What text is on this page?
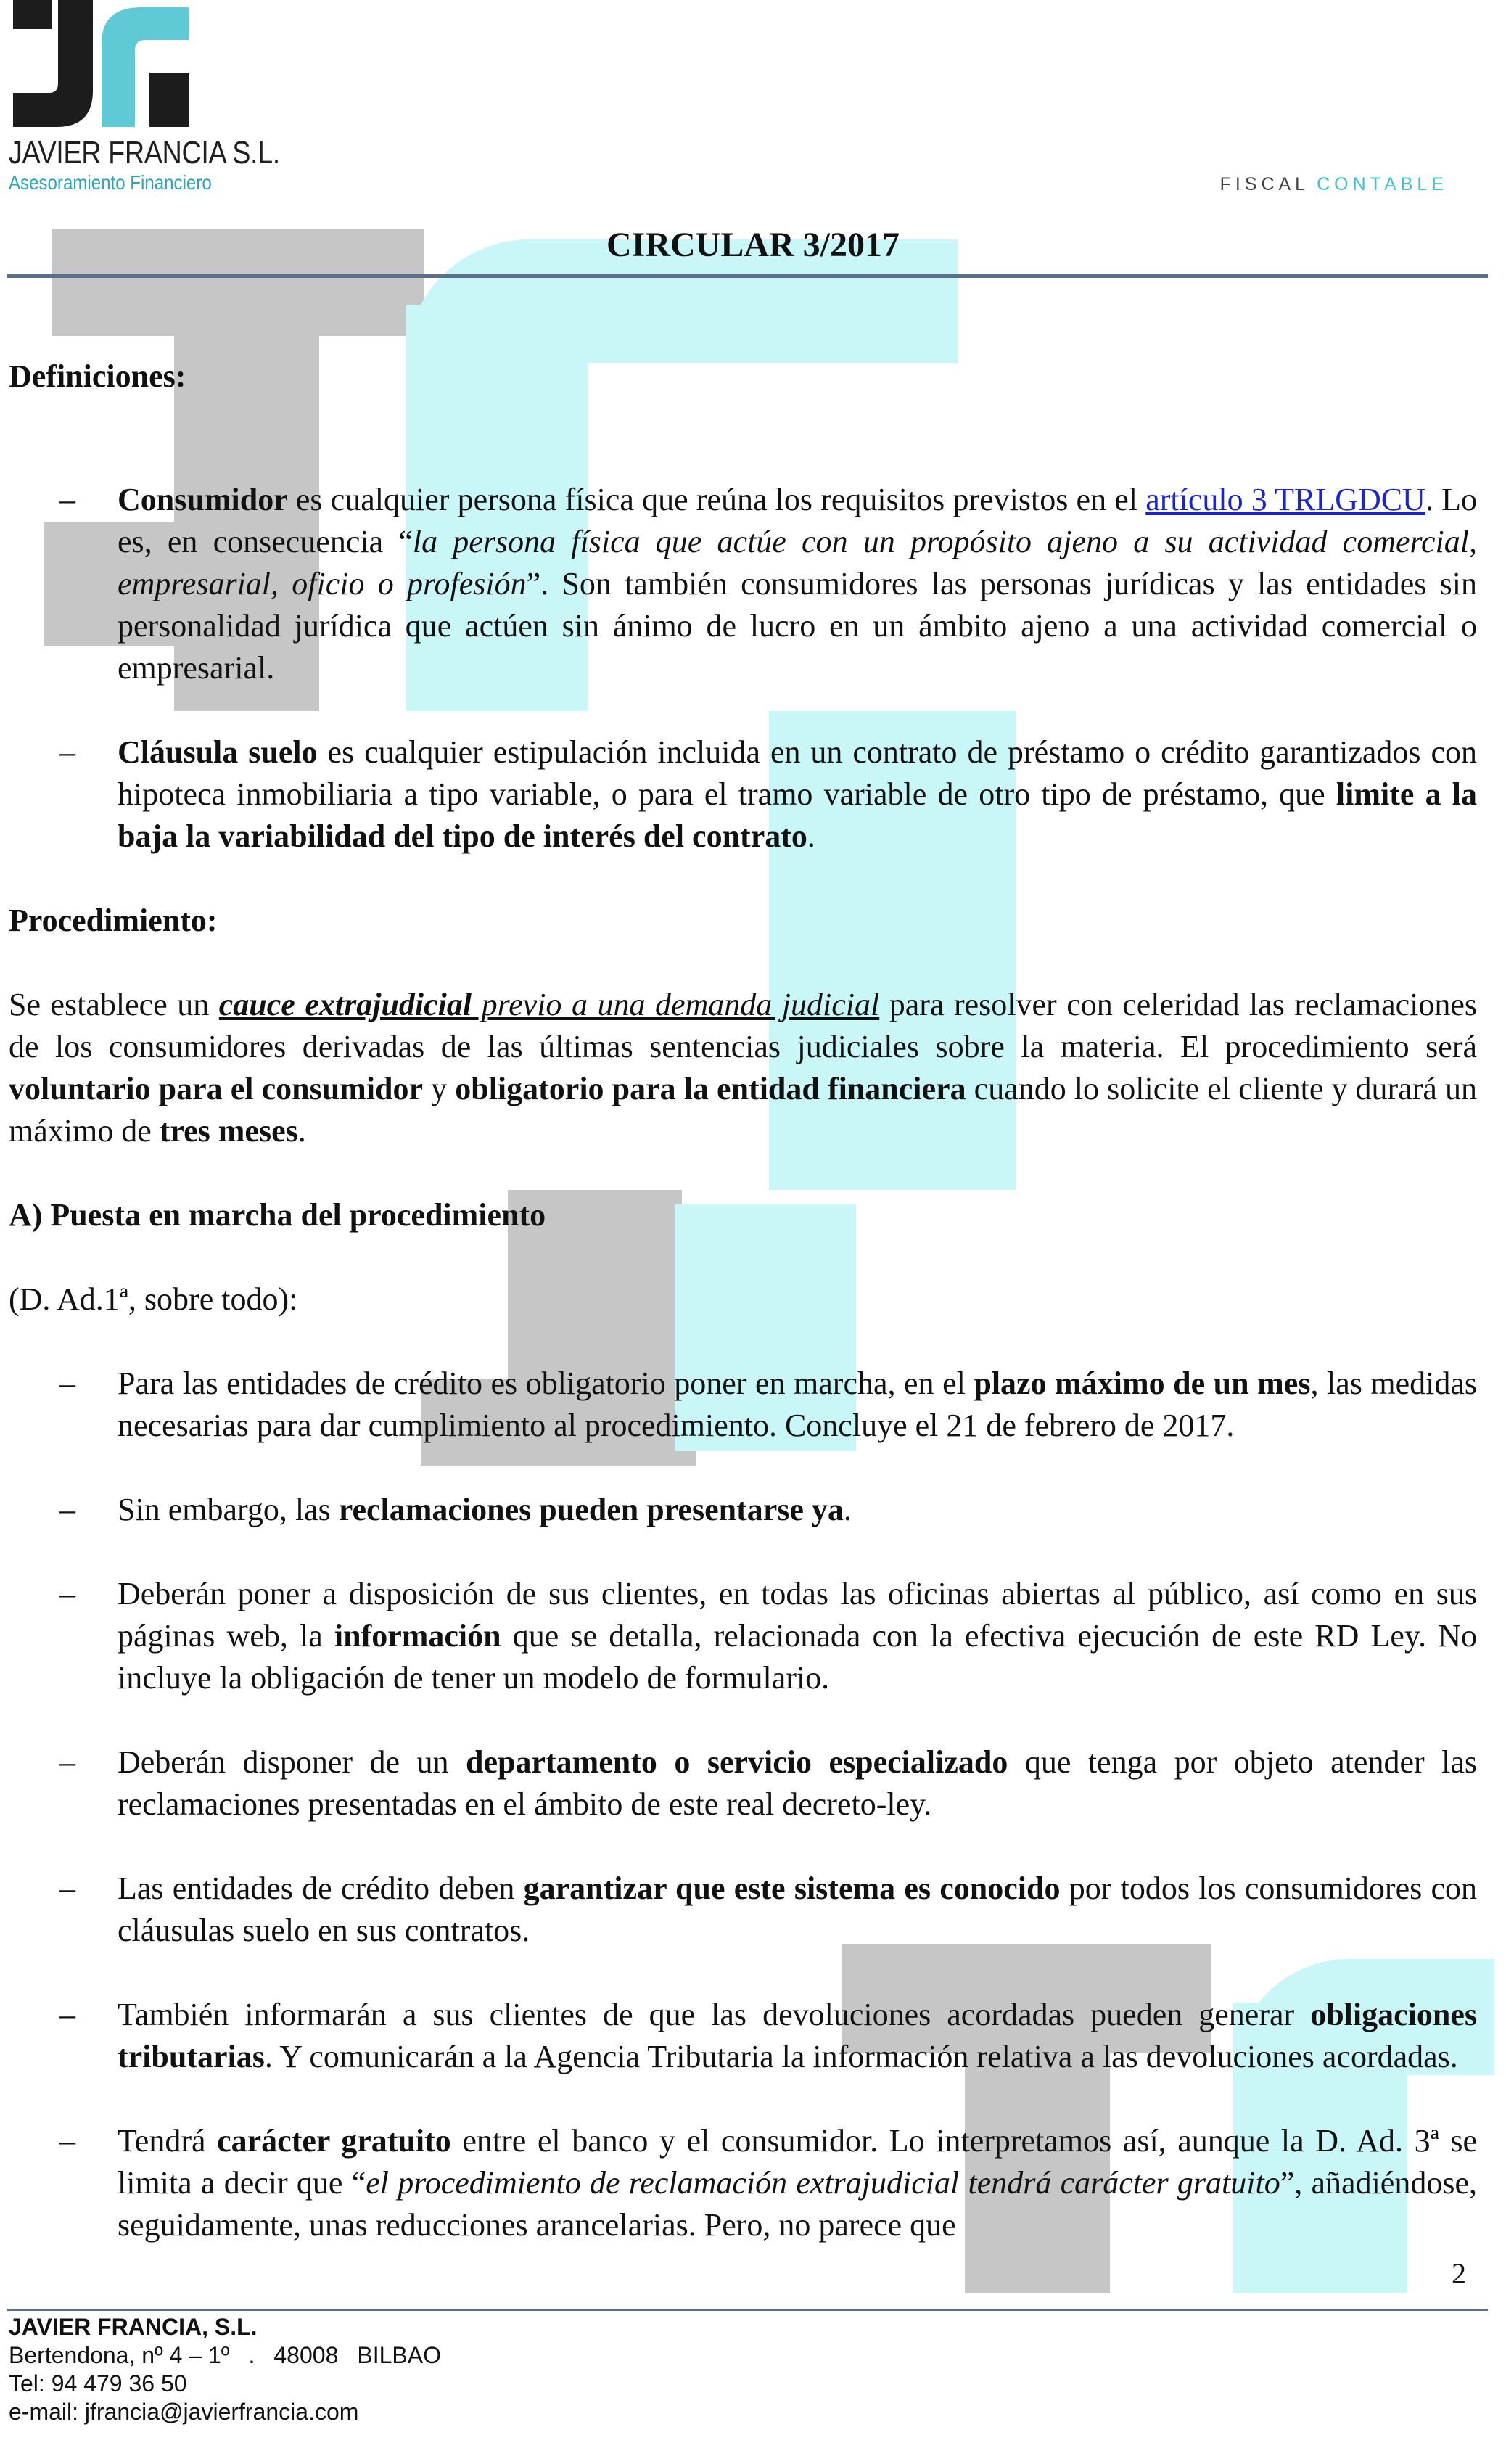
JAVIER FRANCIA S.L.
Asesoramiento Financiero	FISCAL CONTABLE
CIRCULAR 3/2017

Definiciones:

– Consumidor es cualquier persona física que reúna los requisitos previstos en el artículo 3 TRLGDCU. Lo es, en consecuencia “la persona física que actúe con un propósito ajeno a su actividad comercial, empresarial, oficio o profesión”. Son también consumidores las personas jurídicas y las entidades sin personalidad jurídica que actúen sin ánimo de lucro en un ámbito ajeno a una actividad comercial o empresarial.

– Cláusula suelo es cualquier estipulación incluida en un contrato de préstamo o crédito garantizados con hipoteca inmobiliaria a tipo variable, o para el tramo variable de otro tipo de préstamo, que limite a la baja la variabilidad del tipo de interés del contrato.

Procedimiento:

Se establece un cauce extrajudicial previo a una demanda judicial para resolver con celeridad las reclamaciones de los consumidores derivadas de las últimas sentencias judiciales sobre la materia. El procedimiento será voluntario para el consumidor y obligatorio para la entidad financiera cuando lo solicite el cliente y durará un máximo de tres meses.

A) Puesta en marcha del procedimiento

(D. Ad.1ª, sobre todo):

– Para las entidades de crédito es obligatorio poner en marcha, en el plazo máximo de un mes, las medidas necesarias para dar cumplimiento al procedimiento. Concluye el 21 de febrero de 2017.

– Sin embargo, las reclamaciones pueden presentarse ya.

– Deberán poner a disposición de sus clientes, en todas las oficinas abiertas al público, así como en sus páginas web, la información que se detalla, relacionada con la efectiva ejecución de este RD Ley. No incluye la obligación de tener un modelo de formulario.

– Deberán disponer de un departamento o servicio especializado que tenga por objeto atender las reclamaciones presentadas en el ámbito de este real decreto-ley.

– Las entidades de crédito deben garantizar que este sistema es conocido por todos los consumidores con cláusulas suelo en sus contratos.

– También informarán a sus clientes de que las devoluciones acordadas pueden generar obligaciones tributarias. Y comunicarán a la Agencia Tributaria la información relativa a las devoluciones acordadas.

– Tendrá carácter gratuito entre el banco y el consumidor. Lo interpretamos así, aunque la D. Ad. 3ª se limita a decir que “el procedimiento de reclamación extrajudicial tendrá carácter gratuito”, añadiéndose, seguidamente, unas reducciones arancelarias. Pero, no parece que

2
JAVIER FRANCIA, S.L.
Bertendona, nº 4 – 1º . 48008 BILBAO
Tel: 94 479 36 50
e-mail: jfrancia@javierfrancia.com
